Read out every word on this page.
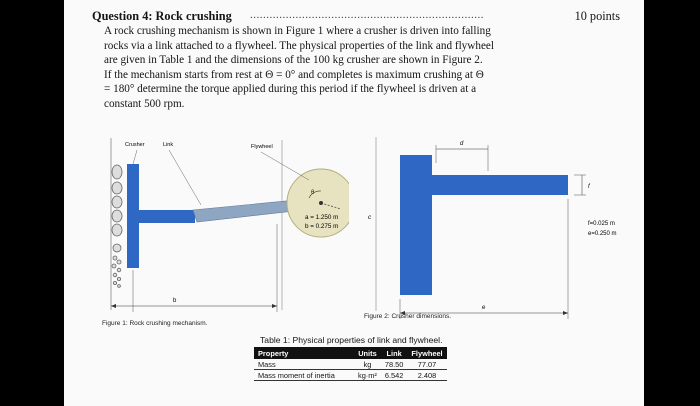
Question 4: Rock crushing ........................................................................	10 points
A rock crushing mechanism is shown in Figure 1 where a crusher is driven into falling
rocks via a link attached to a flywheel. The physical properties of the link and flywheel
are given in Table 1 and the dimensions of the 100 kg crusher are shown in Figure 2.
If the mechanism starts from rest at Θ = 0° and completes is maximum crushing at Θ
= 180° determine the torque applied during this period if the flywheel is driven at a
constant 500 rpm.
θ
Crusher	Link	Flywheel
a = 1.250 m
b = 0.275 m
b
Figure 1: Rock crushing mechanism.
c
d
f
e
f=0.025 m
e=0.250 m
Figure 2: Crusher dimensions.
Table 1: Physical properties of link and flywheel.
Property	Units	Link	Flywheel
Mass	kg	78.50	77.07
Mass moment of inertia	kg·m²	6.542	2.408
